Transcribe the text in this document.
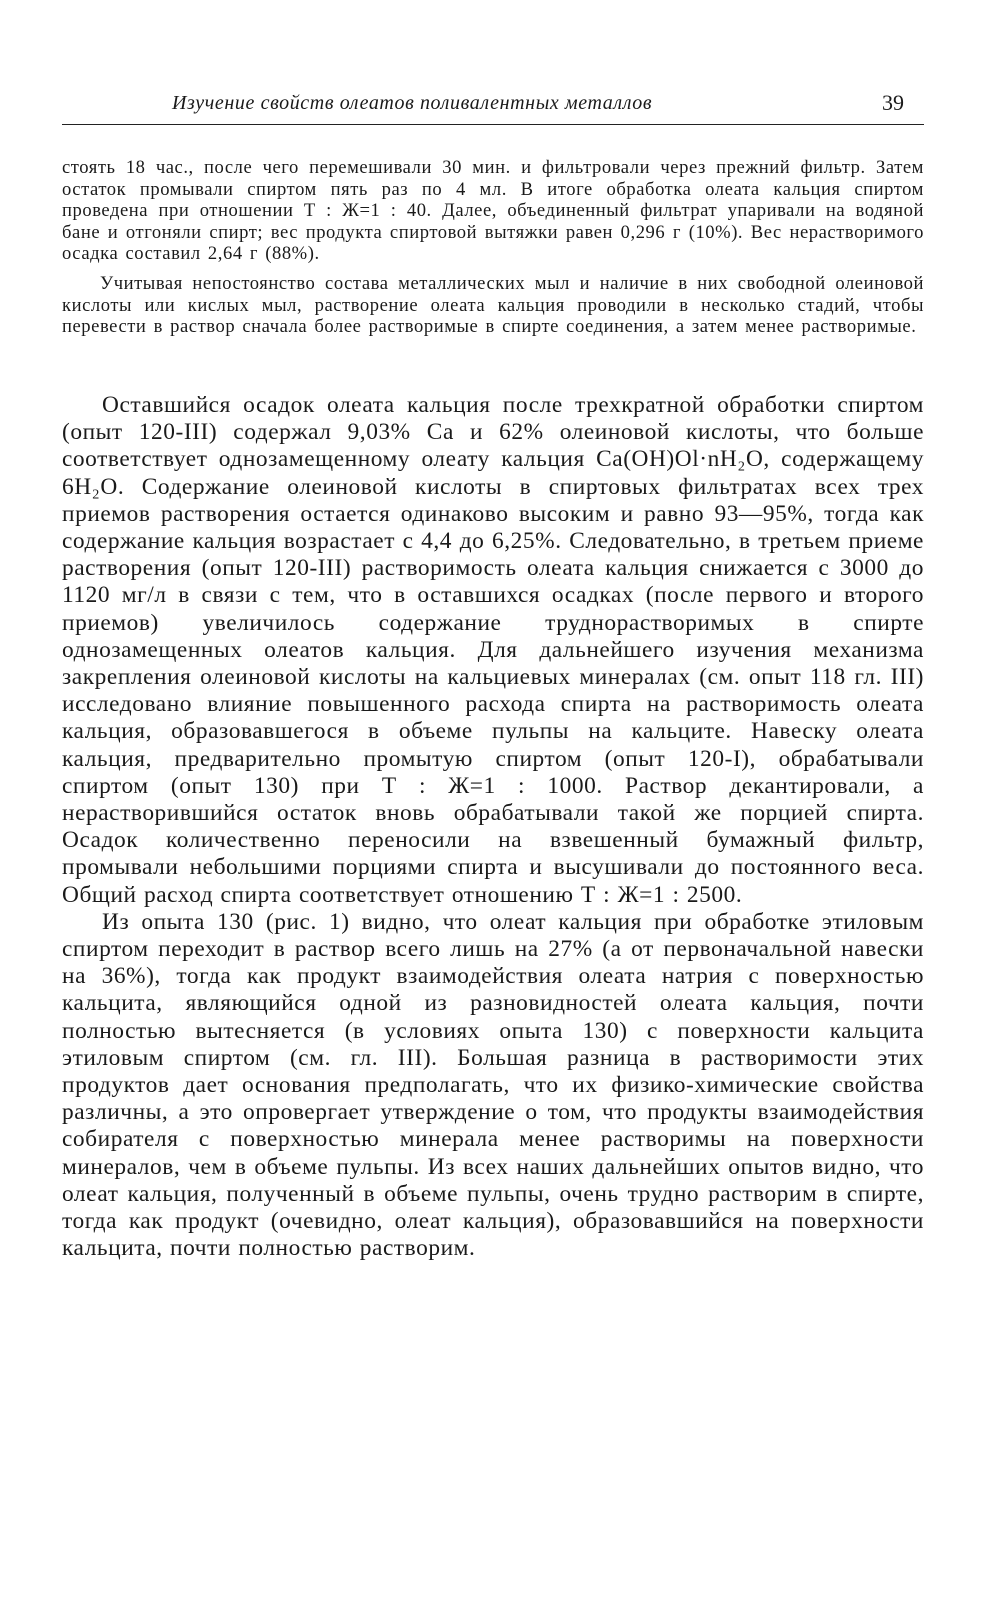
Изучение свойств олеатов поливалентных металлов	39

стоять 18 час., после чего перемешивали 30 мин. и фильтровали через прежний фильтр. Затем остаток промывали спиртом пять раз по 4 мл. В итоге обработка олеата кальция спиртом проведена при отношении Т : Ж=1 : 40. Далее, объединенный фильтрат упаривали на водяной бане и отгоняли спирт; вес продукта спиртовой вытяжки равен 0,296 г (10%). Вес нерастворимого осадка составил 2,64 г (88%).

Учитывая непостоянство состава металлических мыл и наличие в них свободной олеиновой кислоты или кислых мыл, растворение олеата кальция проводили в несколько стадий, чтобы перевести в раствор сначала более растворимые в спирте соединения, а затем менее растворимые.

Оставшийся осадок олеата кальция после трехкратной обработки спиртом (опыт 120-III) содержал 9,03% Ca и 62% олеиновой кислоты, что больше соответствует однозамещенному олеату кальция Ca(OH)Ol·nH₂O, содержащему 6H₂O. Содержание олеиновой кислоты в спиртовых фильтратах всех трех приемов растворения остается одинаково высоким и равно 93—95%, тогда как содержание кальция возрастает с 4,4 до 6,25%. Следовательно, в третьем приеме растворения (опыт 120-III) растворимость олеата кальция снижается с 3000 до 1120 мг/л в связи с тем, что в оставшихся осадках (после первого и второго приемов) увеличилось содержание труднорастворимых в спирте однозамещенных олеатов кальция. Для дальнейшего изучения механизма закрепления олеиновой кислоты на кальциевых минералах (см. опыт 118 гл. III) исследовано влияние повышенного расхода спирта на растворимость олеата кальция, образовавшегося в объеме пульпы на кальците. Навеску олеата кальция, предварительно промытую спиртом (опыт 120-I), обрабатывали спиртом (опыт 130) при Т : Ж=1 : 1000. Раствор декантировали, а нерастворившийся остаток вновь обрабатывали такой же порцией спирта. Осадок количественно переносили на взвешенный бумажный фильтр, промывали небольшими порциями спирта и высушивали до постоянного веса. Общий расход спирта соответствует отношению Т : Ж=1 : 2500.

Из опыта 130 (рис. 1) видно, что олеат кальция при обработке этиловым спиртом переходит в раствор всего лишь на 27% (а от первоначальной навески на 36%), тогда как продукт взаимодействия олеата натрия с поверхностью кальцита, являющийся одной из разновидностей олеата кальция, почти полностью вытесняется (в условиях опыта 130) с поверхности кальцита этиловым спиртом (см. гл. III). Большая разница в растворимости этих продуктов дает основания предполагать, что их физико-химические свойства различны, а это опровергает утверждение о том, что продукты взаимодействия собирателя с поверхностью минерала менее растворимы на поверхности минералов, чем в объеме пульпы. Из всех наших дальнейших опытов видно, что олеат кальция, полученный в объеме пульпы, очень трудно растворим в спирте, тогда как продукт (очевидно, олеат кальция), образовавшийся на поверхности кальцита, почти полностью растворим.
